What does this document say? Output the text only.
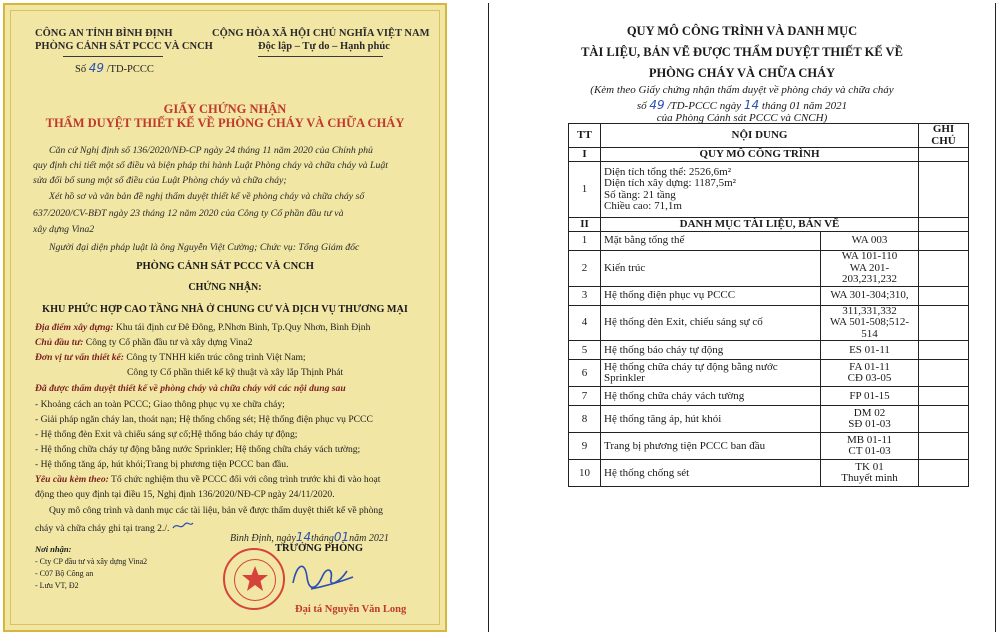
CÔNG AN TỈNH BÌNH ĐỊNH
PHÒNG CẢNH SÁT PCCC VÀ CNCH
CỘNG HÒA XÃ HỘI CHỦ NGHĨA VIỆT NAM
Độc lập – Tự do – Hạnh phúc
Số 49 /TD-PCCC
GIẤY CHỨNG NHẬN
THẨM DUYỆT THIẾT KẾ VỀ PHÒNG CHÁY VÀ CHỮA CHÁY
Căn cứ Nghị định số 136/2020/NĐ-CP ngày 24 tháng 11 năm 2020 của Chính phủ
quy định chi tiết một số điều và biện pháp thi hành Luật Phòng cháy và chữa cháy và Luật
sửa đổi bổ sung một số điều của Luật Phòng cháy và chữa cháy;
Xét hồ sơ và văn bản đề nghị thẩm duyệt thiết kế về phòng cháy và chữa cháy số
637/2020/CV-BĐT ngày 23 tháng 12 năm 2020 của Công ty Cổ phần đầu tư và
xây dựng Vina2
Người đại diện pháp luật là ông Nguyễn Việt Cường; Chức vụ: Tổng Giám đốc
PHÒNG CẢNH SÁT PCCC VÀ CNCH
CHỨNG NHẬN:
KHU PHỨC HỢP CAO TẦNG NHÀ Ở CHUNG CƯ VÀ DỊCH VỤ THƯƠNG MẠI
Địa điểm xây dựng: Khu tái định cư Đê Đông, P.Nhơn Bình, Tp.Quy Nhơn, Bình Định
Chủ đầu tư: Công ty Cổ phần đầu tư và xây dựng Vina2
Đơn vị tư vấn thiết kế: Công ty TNHH kiến trúc công trình Việt Nam;
Công ty Cổ phần thiết kế kỹ thuật và xây lắp Thịnh Phát
Đã được thẩm duyệt thiết kế về phòng cháy và chữa cháy với các nội dung sau
- Khoảng cách an toàn PCCC; Giao thông phục vụ xe chữa cháy;
- Giải pháp ngăn cháy lan, thoát nạn; Hệ thống chống sét; Hệ thống điện phục vụ PCCC
- Hệ thống đèn Exit và chiếu sáng sự cố;Hệ thống báo cháy tự động;
- Hệ thống chữa cháy tự động bằng nước Sprinkler; Hệ thống chữa cháy vách tường;
- Hệ thống tăng áp, hút khói;Trang bị phương tiện PCCC ban đầu.
Yêu cầu kèm theo: Tổ chức nghiệm thu về PCCC đối với công trình trước khi đi vào hoạt
động theo quy định tại điều 15, Nghị định 136/2020/NĐ-CP ngày 24/11/2020.
Quy mô công trình và danh mục các tài liệu, bản vẽ được thẩm duyệt thiết kế về phòng
cháy và chữa cháy ghi tại trang 2./.
Bình Định, ngày14tháng01năm 2021
TRƯỞNG PHÒNG
Nơi nhận:
- Cty CP đầu tư và xây dựng Vina2
- C07 Bộ Công an
- Lưu VT, Đ2
Đại tá Nguyễn Văn Long
QUY MÔ CÔNG TRÌNH VÀ DANH MỤC
TÀI LIỆU, BẢN VẼ ĐƯỢC THẨM DUYỆT THIẾT KẾ VỀ
PHÒNG CHÁY VÀ CHỮA CHÁY
(Kèm theo Giấy chứng nhận thẩm duyệt về phòng cháy và chữa cháy
số 49 /TD-PCCC ngày 14 tháng 01 năm 2021
của Phòng Cảnh sát PCCC và CNCH)
TT	NỘI DUNG		GHI CHÚ
I	QUY MÔ CÔNG TRÌNH		
1	Diện tích tổng thể: 2526,6m²
Diện tích xây dựng: 1187,5m²
Số tầng: 21 tầng
Chiều cao: 71,1m		

II	DANH MỤC TÀI LIỆU, BẢN VẼ		
1	Mặt bằng tổng thể	WA 003	

2	Kiến trúc	WA 101-110
WA 201-203,231,232	

3	Hệ thống điện phục vụ PCCC	WA 301-304;310,	

4	Hệ thống đèn Exit, chiếu sáng sự cố	311,331,332
WA 501-508;512-514	

5	Hệ thống báo cháy tự động	ES 01-11	

6	Hệ thống chữa cháy tự động bằng nước Sprinkler	FA 01-11
CĐ 03-05	

7	Hệ thống chữa cháy vách tường	FP 01-15	

8	Hệ thống tăng áp, hút khói	DM 02
SĐ 01-03	

9	Trang bị phương tiện PCCC ban đầu	MB 01-11
CT 01-03	

10	Hệ thống chống sét	TK 01
Thuyết minh	
